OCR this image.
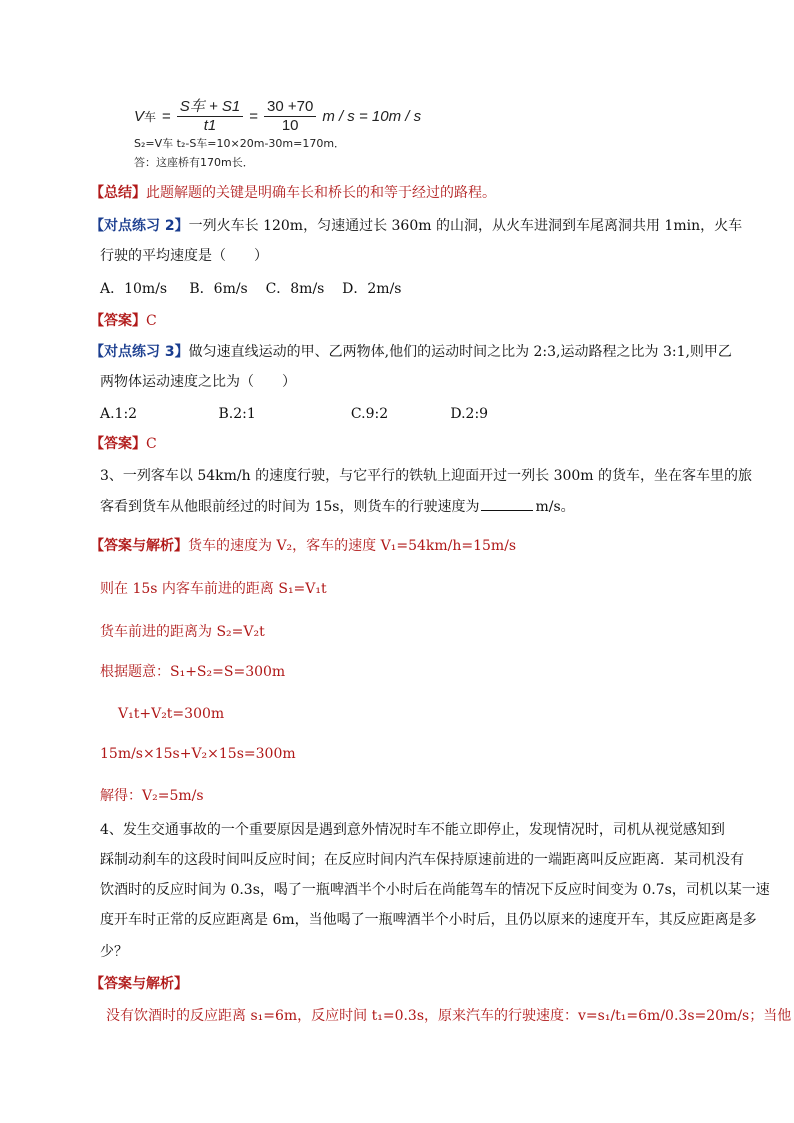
V车 = $\frac{\text{S车 + S1}}{t1} = \frac{30 +70}{10}$ m / s = 10m / s
S₂=V车 t₂-S车=10×20m-30m=170m．
答：这座桥有170m长．
【总结】此题解题的关键是明确车长和桥长的和等于经过的路程。
【对点练习 2】一列火车长 120m，匀速通过长 360m 的山洞，从火车进洞到车尾离洞共用 1min，火车
行驶的平均速度是（　　）
A．10m/s B．6m/s C．8m/s D．2m/s
【答案】C
【对点练习 3】做匀速直线运动的甲、乙两物体,他们的运动时间之比为 2:3,运动路程之比为 3:1,则甲乙
两物体运动速度之比为（　　）
A.1:2	B.2:1	C.9:2	D.2:9
【答案】C
3、一列客车以 54km/h 的速度行驶，与它平行的铁轨上迎面开过一列长 300m 的货车，坐在客车里的旅
客看到货车从他眼前经过的时间为 15s，则货车的行驶速度为	m/s。
【答案与解析】货车的速度为 V₂，客车的速度 V₁=54km/h=15m/s
则在 15s 内客车前进的距离 S₁=V₁t
货车前进的距离为 S₂=V₂t
根据题意：S₁+S₂=S=300m
V₁t+V₂t=300m
15m/s×15s+V₂×15s=300m
解得：V₂=5m/s
4、发生交通事故的一个重要原因是遇到意外情况时车不能立即停止，发现情况时，司机从视觉感知到
踩制动刹车的这段时间叫反应时间；在反应时间内汽车保持原速前进的一端距离叫反应距离．某司机没有
饮酒时的反应时间为 0.3s，喝了一瓶啤酒半个小时后在尚能驾车的情况下反应时间变为 0.7s，司机以某一速
度开车时正常的反应距离是 6m，当他喝了一瓶啤酒半个小时后，且仍以原来的速度开车，其反应距离是多
少？
【答案与解析】
没有饮酒时的反应距离 s₁=6m，反应时间 t₁=0.3s，原来汽车的行驶速度：v=s₁/t₁=6m/0.3s=20m/s；当他
